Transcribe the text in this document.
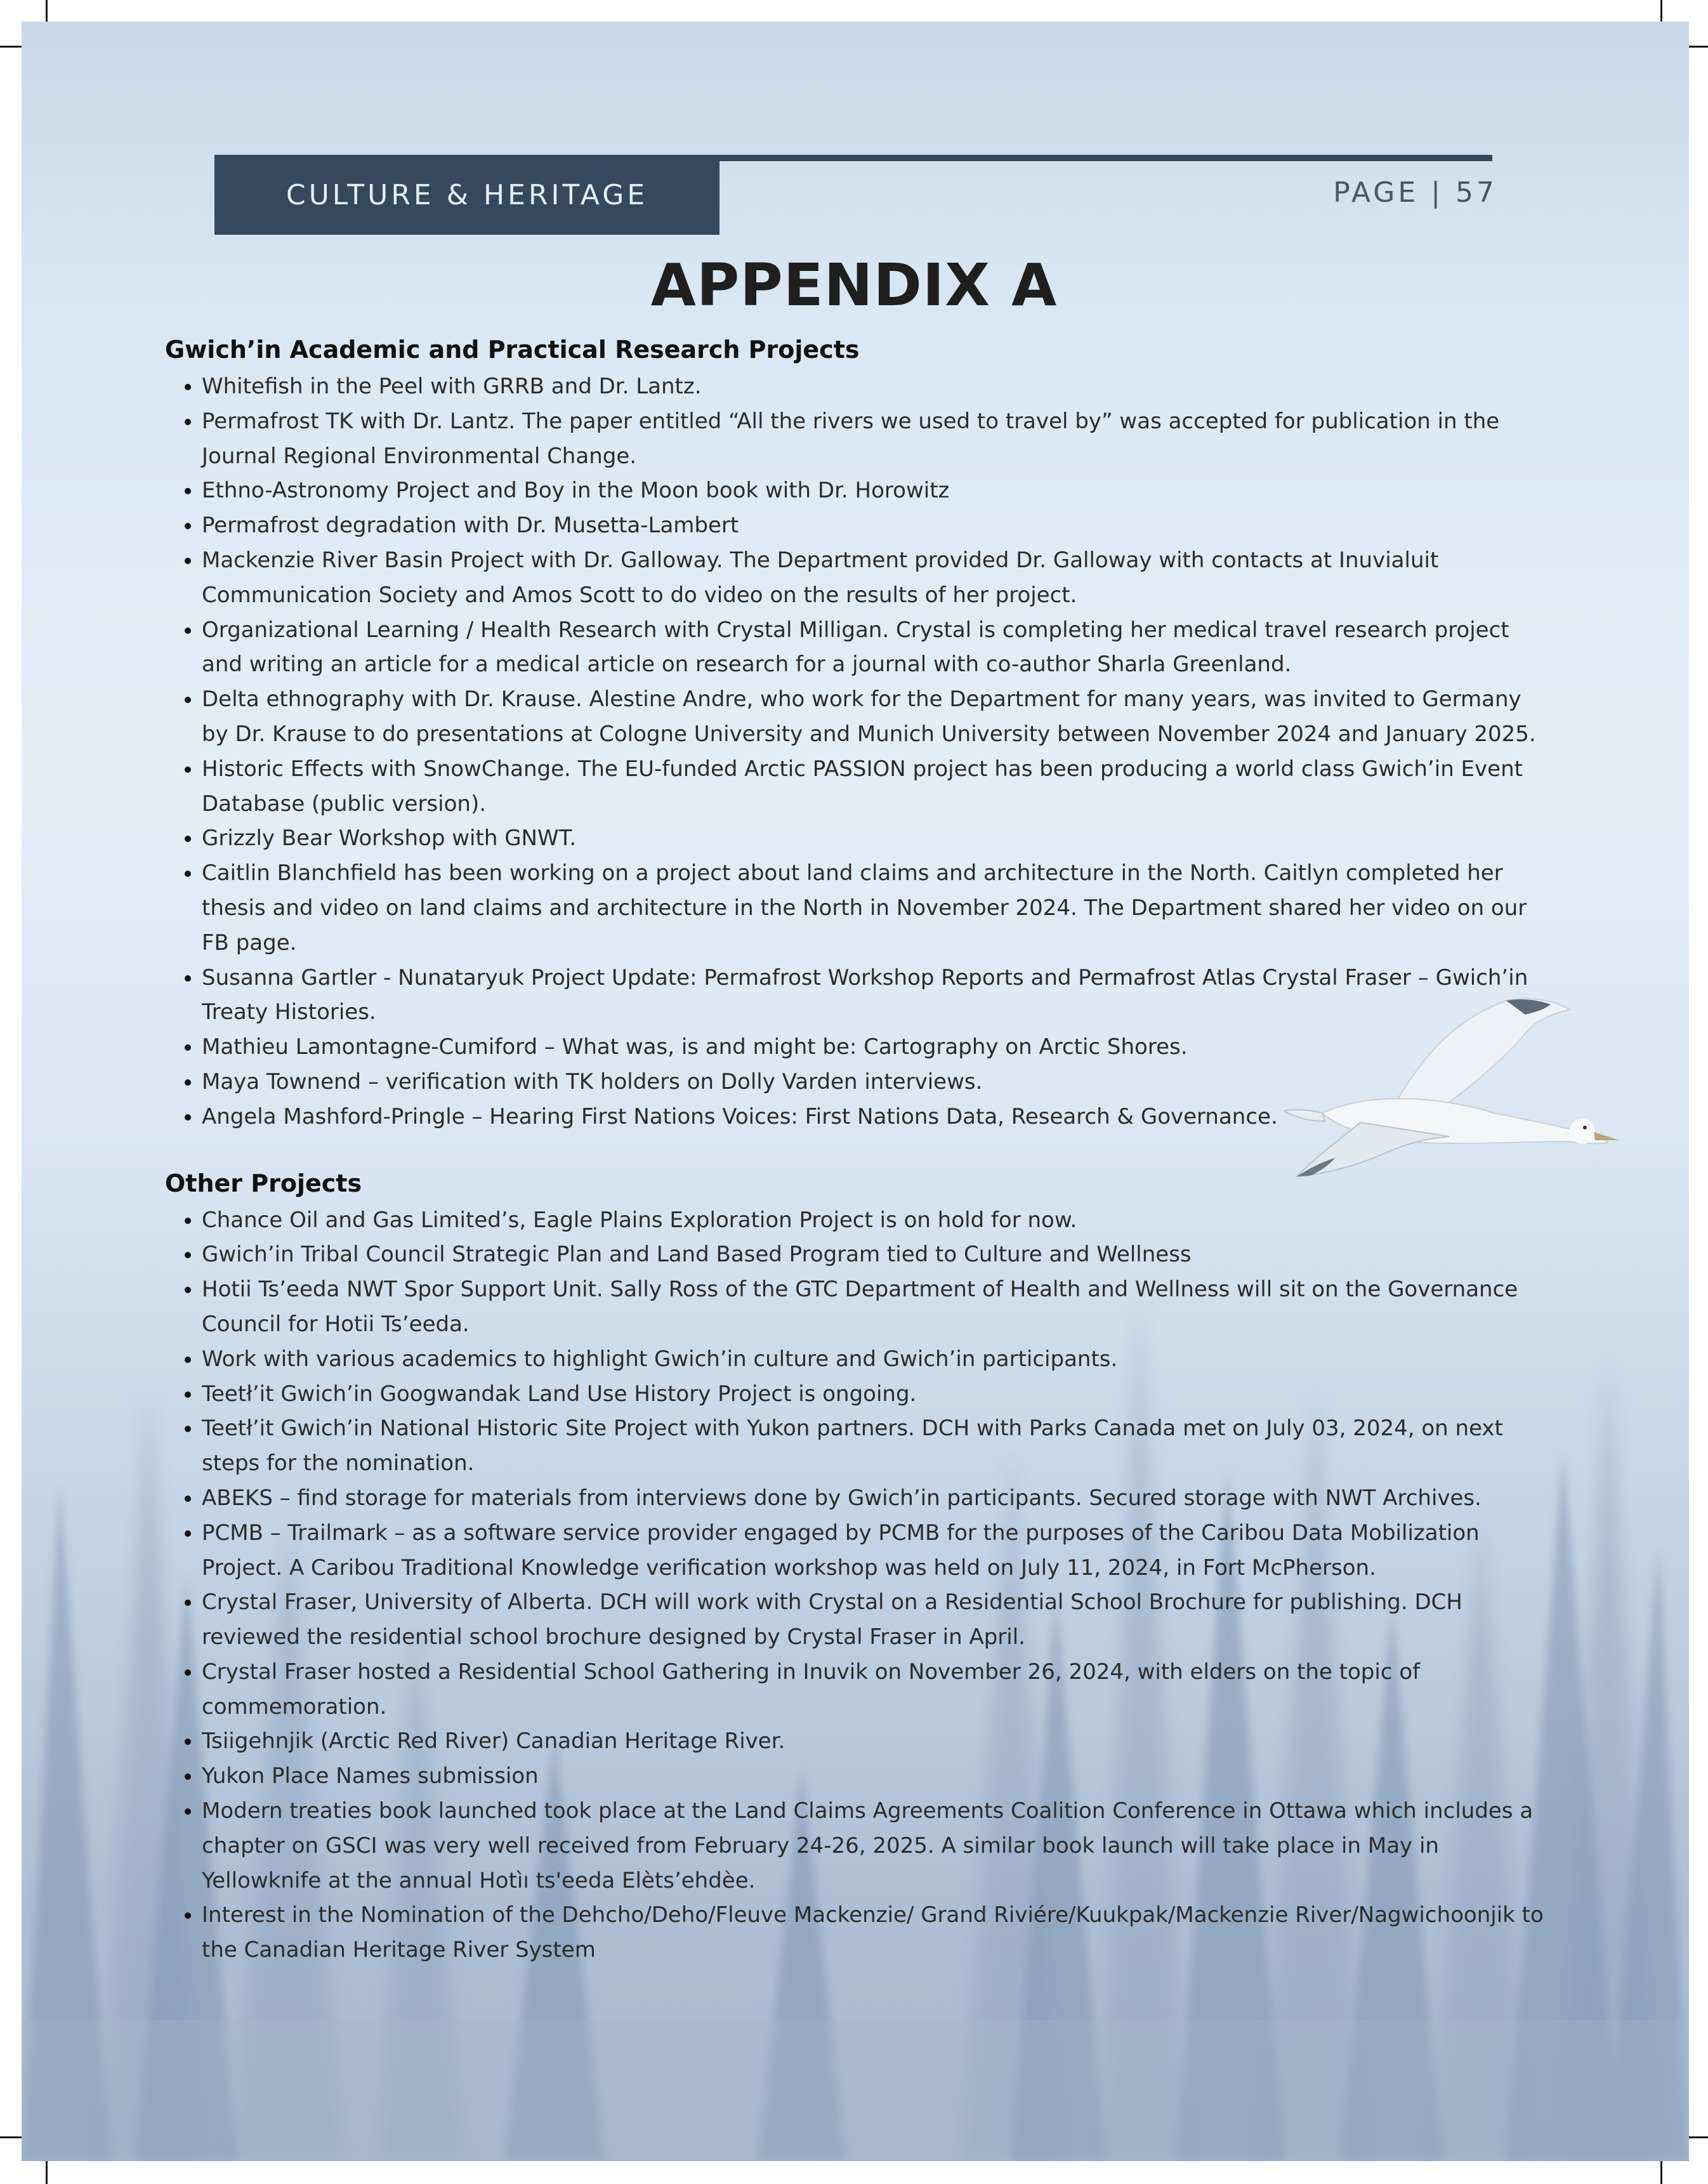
CULTURE & HERITAGE	PAGE | 57
APPENDIX A
Gwich’in Academic and Practical Research Projects
• Whitefish in the Peel with GRRB and Dr. Lantz.
• Permafrost TK with Dr. Lantz. The paper entitled “All the rivers we used to travel by” was accepted for publication in the Journal Regional Environmental Change.
• Ethno-Astronomy Project and Boy in the Moon book with Dr. Horowitz
• Permafrost degradation with Dr. Musetta-Lambert
• Mackenzie River Basin Project with Dr. Galloway. The Department provided Dr. Galloway with contacts at Inuvialuit Communication Society and Amos Scott to do video on the results of her project.
• Organizational Learning / Health Research with Crystal Milligan. Crystal is completing her medical travel research project and writing an article for a medical article on research for a journal with co-author Sharla Greenland.
• Delta ethnography with Dr. Krause. Alestine Andre, who work for the Department for many years, was invited to Germany by Dr. Krause to do presentations at Cologne University and Munich University between November 2024 and January 2025.
• Historic Effects with SnowChange. The EU-funded Arctic PASSION project has been producing a world class Gwich’in Event Database (public version).
• Grizzly Bear Workshop with GNWT.
• Caitlin Blanchfield has been working on a project about land claims and architecture in the North. Caitlyn completed her thesis and video on land claims and architecture in the North in November 2024. The Department shared her video on our FB page.
• Susanna Gartler - Nunataryuk Project Update: Permafrost Workshop Reports and Permafrost Atlas Crystal Fraser – Gwich’in Treaty Histories.
• Mathieu Lamontagne-Cumiford – What was, is and might be: Cartography on Arctic Shores.
• Maya Townend – verification with TK holders on Dolly Varden interviews.
• Angela Mashford-Pringle – Hearing First Nations Voices: First Nations Data, Research & Governance.
Other Projects
• Chance Oil and Gas Limited’s, Eagle Plains Exploration Project is on hold for now.
• Gwich’in Tribal Council Strategic Plan and Land Based Program tied to Culture and Wellness
• Hotii Ts’eeda NWT Spor Support Unit. Sally Ross of the GTC Department of Health and Wellness will sit on the Governance Council for Hotii Ts’eeda.
• Work with various academics to highlight Gwich’in culture and Gwich’in participants.
• Teetł’it Gwich’in Googwandak Land Use History Project is ongoing.
• Teetł’it Gwich’in National Historic Site Project with Yukon partners. DCH with Parks Canada met on July 03, 2024, on next steps for the nomination.
• ABEKS – find storage for materials from interviews done by Gwich’in participants. Secured storage with NWT Archives.
• PCMB – Trailmark – as a software service provider engaged by PCMB for the purposes of the Caribou Data Mobilization Project. A Caribou Traditional Knowledge verification workshop was held on July 11, 2024, in Fort McPherson.
• Crystal Fraser, University of Alberta. DCH will work with Crystal on a Residential School Brochure for publishing. DCH reviewed the residential school brochure designed by Crystal Fraser in April.
• Crystal Fraser hosted a Residential School Gathering in Inuvik on November 26, 2024, with elders on the topic of commemoration.
• Tsiigehnjik (Arctic Red River) Canadian Heritage River.
• Yukon Place Names submission
• Modern treaties book launched took place at the Land Claims Agreements Coalition Conference in Ottawa which includes a chapter on GSCI was very well received from February 24-26, 2025. A similar book launch will take place in May in Yellowknife at the annual Hotìı ts'eeda Elèts’ehdèe.
• Interest in the Nomination of the Dehcho/Deho/Fleuve Mackenzie/ Grand Riviére/Kuukpak/Mackenzie River/Nagwichoonjik to the Canadian Heritage River System
